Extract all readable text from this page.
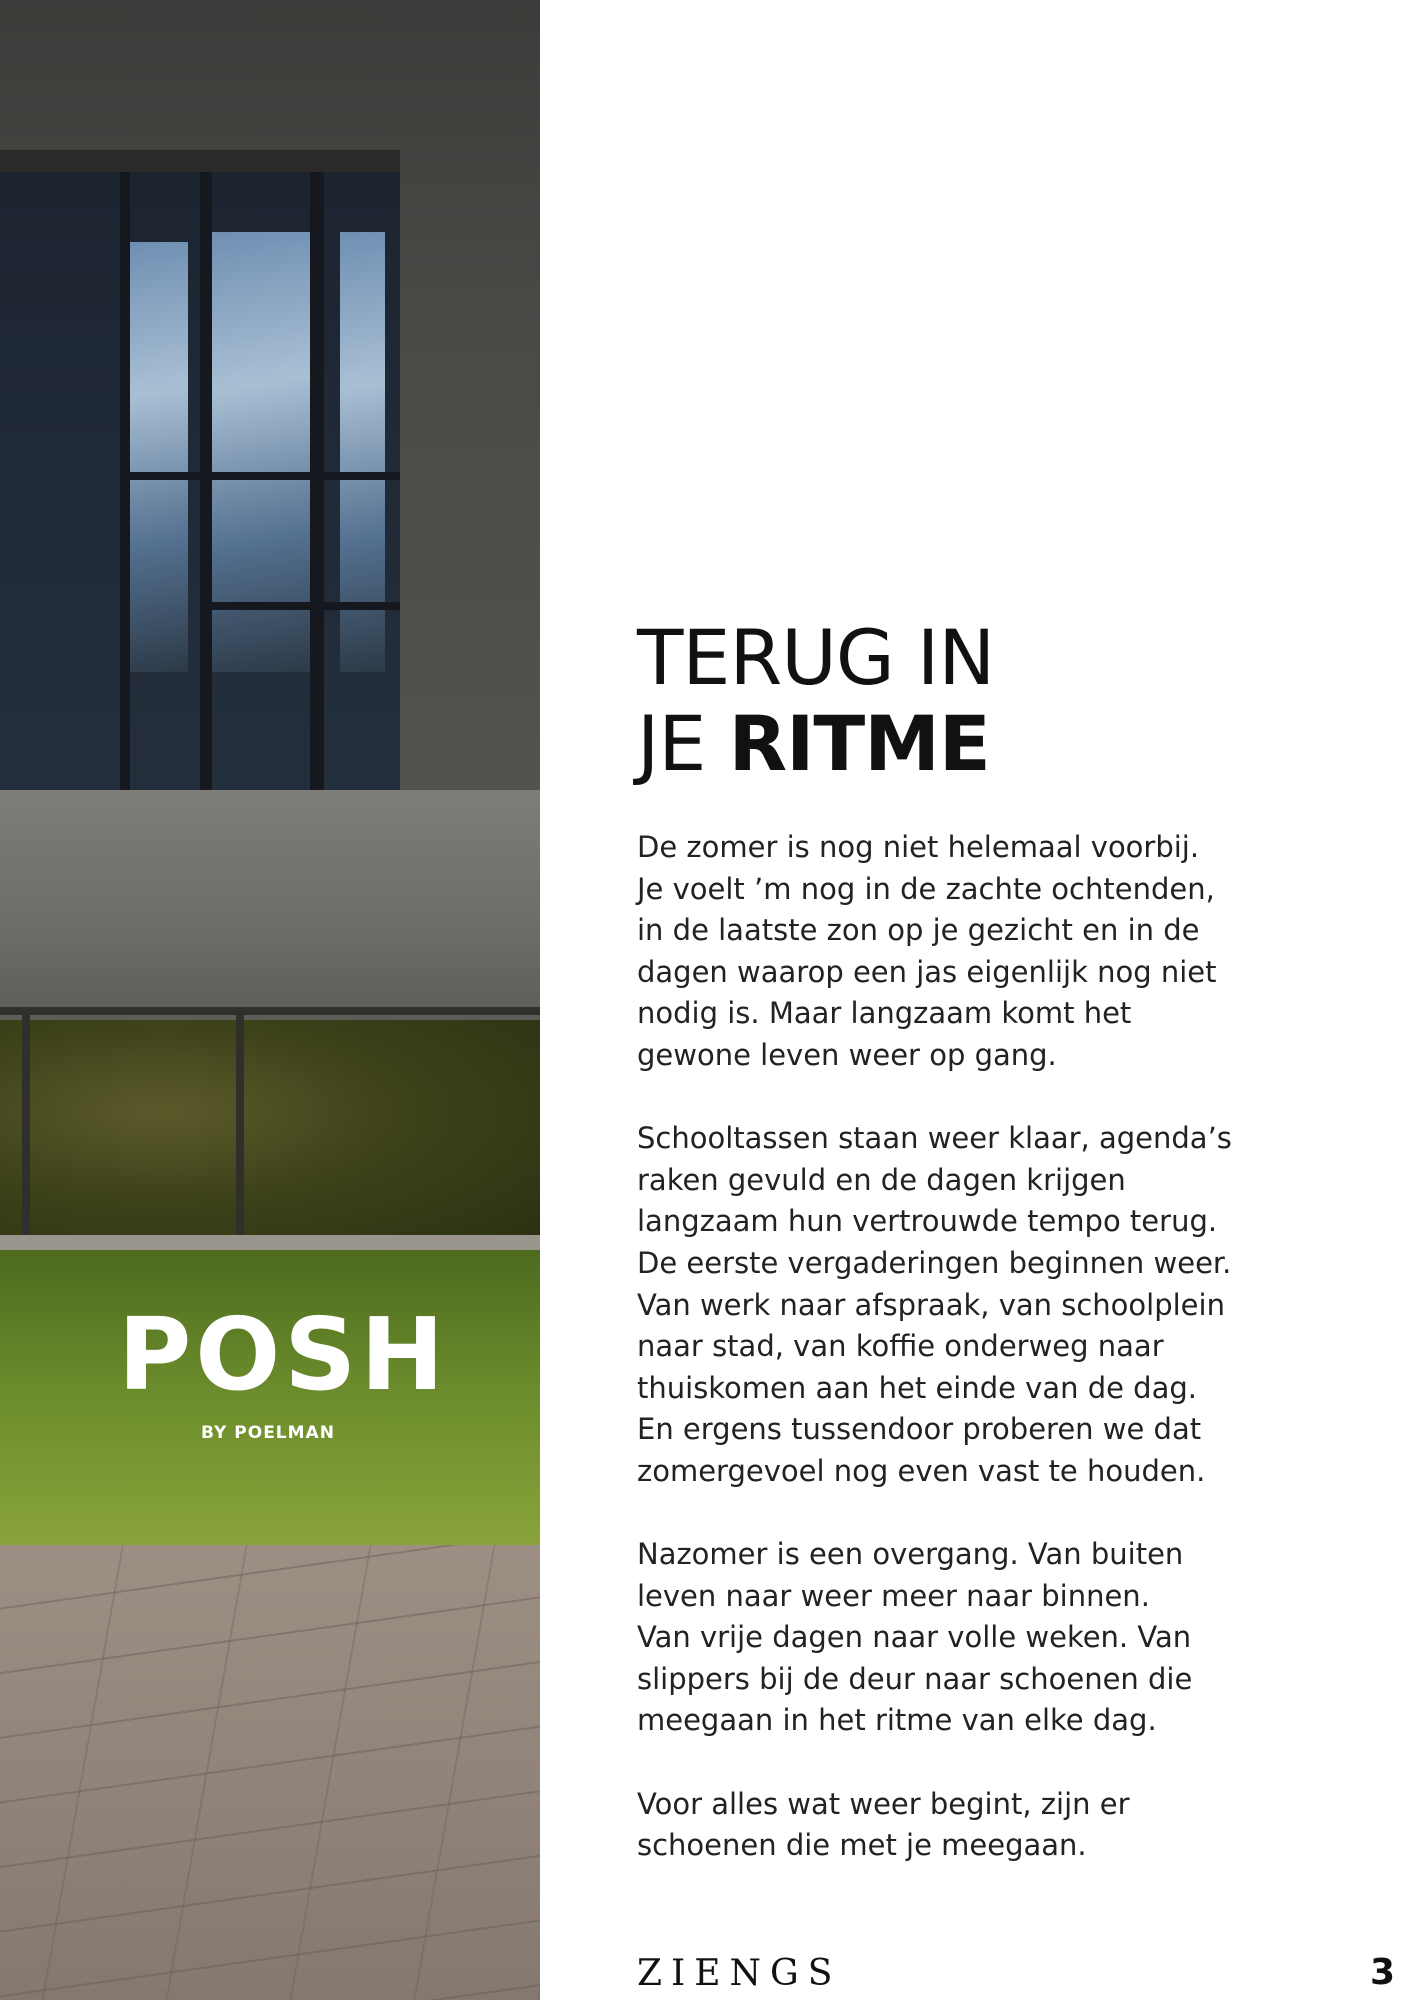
POSH
BY POELMAN
TERUG IN
JE RITME

De zomer is nog niet helemaal voorbij.
Je voelt ’m nog in de zachte ochtenden,
in de laatste zon op je gezicht en in de
dagen waarop een jas eigenlijk nog niet
nodig is. Maar langzaam komt het
gewone leven weer op gang.

Schooltassen staan weer klaar, agenda’s
raken gevuld en de dagen krijgen
langzaam hun vertrouwde tempo terug.
De eerste vergaderingen beginnen weer.
Van werk naar afspraak, van schoolplein
naar stad, van koffie onderweg naar
thuiskomen aan het einde van de dag.
En ergens tussendoor proberen we dat
zomergevoel nog even vast te houden.

Nazomer is een overgang. Van buiten
leven naar weer meer naar binnen.
Van vrije dagen naar volle weken. Van
slippers bij de deur naar schoenen die
meegaan in het ritme van elke dag.

Voor alles wat weer begint, zijn er
schoenen die met je meegaan.

ZIENGS	3
